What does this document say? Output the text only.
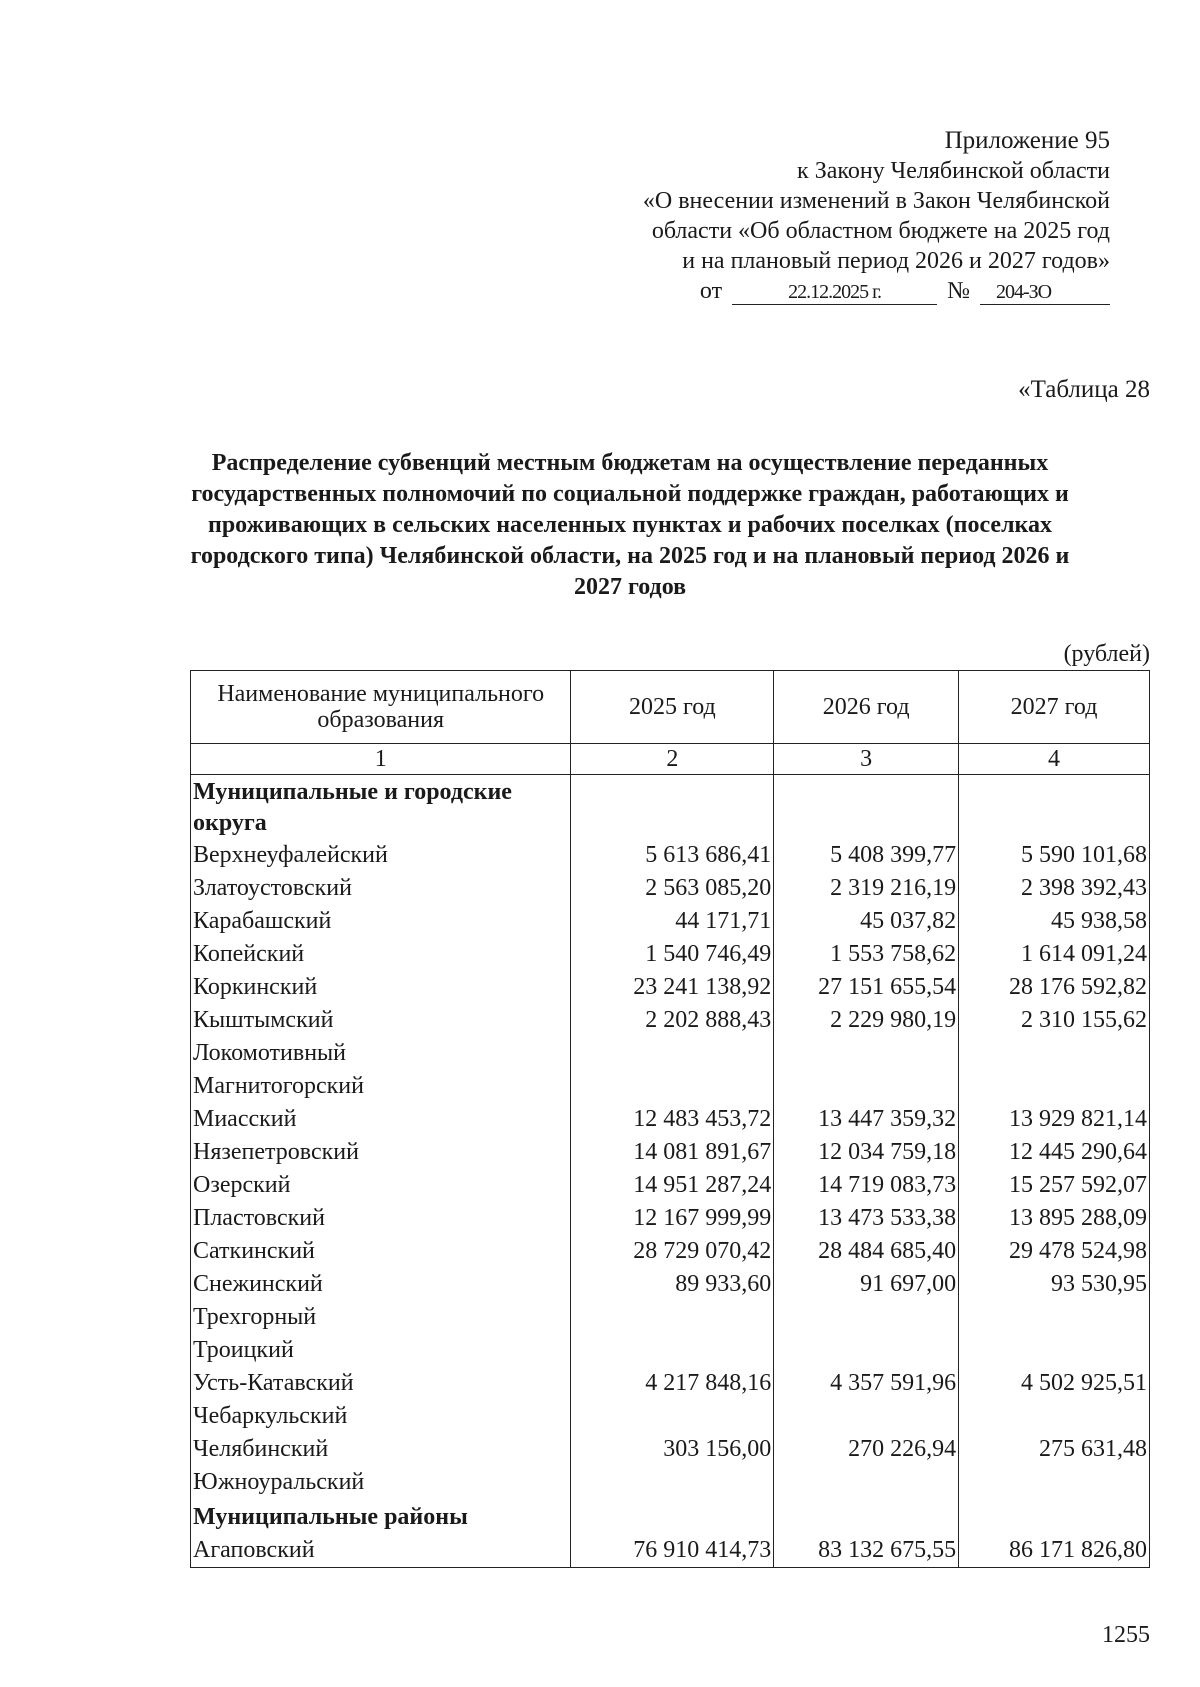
Приложение 95
к Закону Челябинской области
«О внесении изменений в Закон Челябинской
области «Об областном бюджете на 2025 год
и на плановый период 2026 и 2027 годов»
от	22.12.2025 г.	№	204-ЗО
«Таблица 28
Распределение субвенций местным бюджетам на осуществление переданных государственных полномочий по социальной поддержке граждан, работающих и проживающих в сельских населенных пунктах и рабочих поселках (поселках городского типа) Челябинской области, на 2025 год и на плановый период 2026 и 2027 годов
(рублей)
Наименование муниципального образования	2025 год	2026 год	2027 год
1	2	3	4
Муниципальные и городские округа			
Верхнеуфалейский	5 613 686,41	5 408 399,77	5 590 101,68
Златоустовский	2 563 085,20	2 319 216,19	2 398 392,43
Карабашский	44 171,71	45 037,82	45 938,58
Копейский	1 540 746,49	1 553 758,62	1 614 091,24
Коркинский	23 241 138,92	27 151 655,54	28 176 592,82
Кыштымский	2 202 888,43	2 229 980,19	2 310 155,62
Локомотивный			
Магнитогорский			
Миасский	12 483 453,72	13 447 359,32	13 929 821,14
Нязепетровский	14 081 891,67	12 034 759,18	12 445 290,64
Озерский	14 951 287,24	14 719 083,73	15 257 592,07
Пластовский	12 167 999,99	13 473 533,38	13 895 288,09
Саткинский	28 729 070,42	28 484 685,40	29 478 524,98
Снежинский	89 933,60	91 697,00	93 530,95
Трехгорный			
Троицкий			
Усть-Катавский	4 217 848,16	4 357 591,96	4 502 925,51
Чебаркульский			
Челябинский	303 156,00	270 226,94	275 631,48
Южноуральский			
Муниципальные районы			
Агаповский	76 910 414,73	83 132 675,55	86 171 826,80
1255
